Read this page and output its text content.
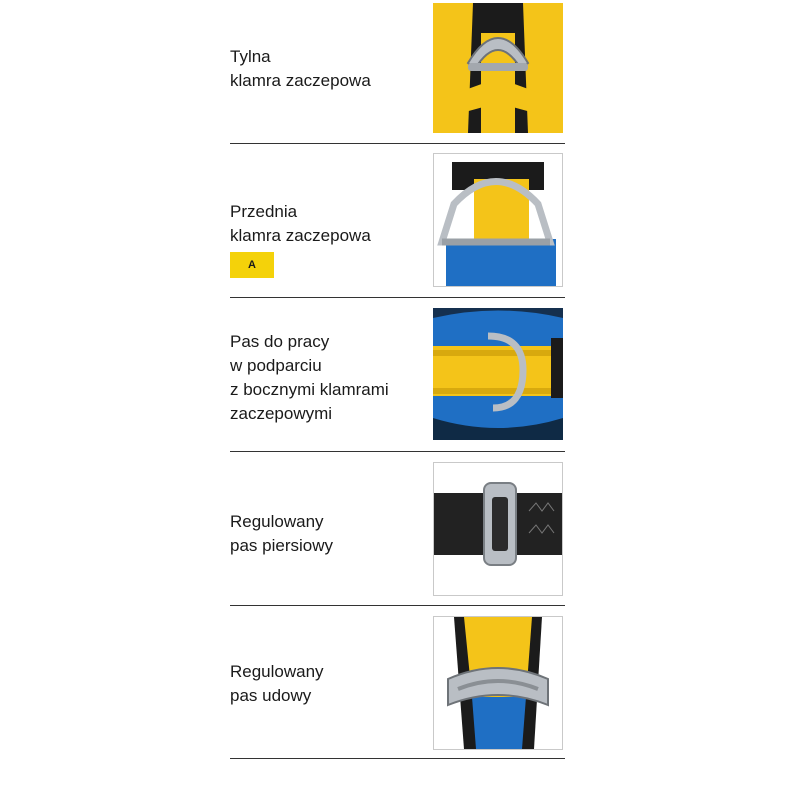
Tylna
klamra zaczepowa
Przednia
klamra zaczepowa
A
Pas do pracy
w podparciu
z bocznymi klamrami
zaczepowymi
Regulowany
pas piersiowy
Regulowany
pas udowy
